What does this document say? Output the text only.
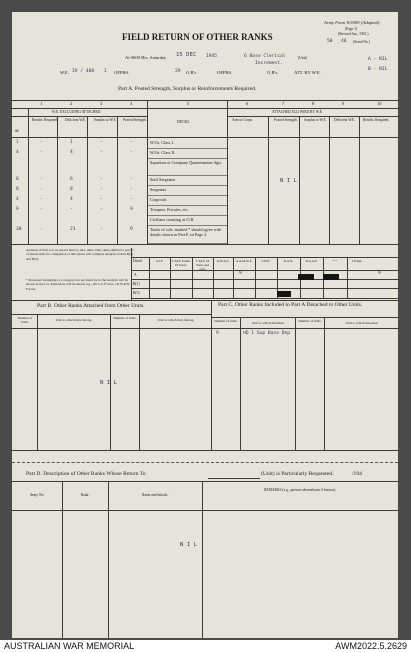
Army Form W3009 (Adapted)
(Page 1)
(Revised Jan., 1941.)
50 , 46 (Serial No.)
A - NIL
B - NIL
FIELD RETURN OF OTHER RANKS
At 0600 Hrs. Saturday 15 DEC 1945	6 Base Clerical
Increment.
(Unit)
W.E. IV / 400 1 OFFRS.	29 O.R's	OFFRS.	O.R's.	ATT. BY W.E.
Part A. Posted Strength, Surplus or Reinforcements Required.
1	2	3	4	5	6	7	8	9	10
W.E. EXCLUDING ATTACHED.
DETAIL
ATTACHED ALLOWED BY W.E.
Reinfts. Required. Deficient W.E. Surplus to W.E. Posted Strength.	Arm or Corps.	Posted Strength. Surplus to W.E. Deficient W.E. Reinfts. Required.
WE
W.Os. Class I.
1	-	1	-	-
W.Os. Class II.
4	-	4	-	-
Squadron or Company Quartermaster Sgts.
Staff Sergeants
6	-	6	-	-
Sergeants
8	-	8	-	-
Corporals
4	-	4	-	-
Troopers, Privates, etc.
9	-	-	-	9
Civilians counting as O.R.
Totals of cols. marked * should agree with details shown in Part E on Page 2.
30	-	21	-	9
N I L
Analysis of Part A to be shown here by ALL units. Only units entitled to para. 7 of instructions for completion of this return will complete analysis of Part B(1) and B(3).
* Personnel belonging to a category not provided for in the analysis will be shown in the Col. Particulars will be shown e.g., 2N C.S. Forces, 1N W.R.N. Forces.
Detail
A
B(1)
B(3)
A.I.F.	C.M.F. Under 18 Years.
C.M.F. 18 Years and over.
A.W.A.S.	A.A.M.W.S.	CIVIL	R.A.N.	R.A.A.F.	* *	TOTAL
9	9
Part B. Other Ranks Attached from Other Units.	Part C. Other Ranks Included in Part A Detached to Other Units.
Number of O.Rs.	Unit to which they belong.	Number of O.Rs.	Unit to which they belong.	Number of O.Rs.	Unit to which detached.	Number of O.Rs.	Unit to which detached.
N I L
9	HQ 1 Sup Base Dep
Part D. Description of Other Ranks Whose Return To	(Unit) is Particularly Requested.	/194
Army No.	Rank.	Name and Initials.
REMARKS (e.g., present whereabouts if known).
N I L
AUSTRALIAN WAR MEMORIAL	AWM2022.5.2629
